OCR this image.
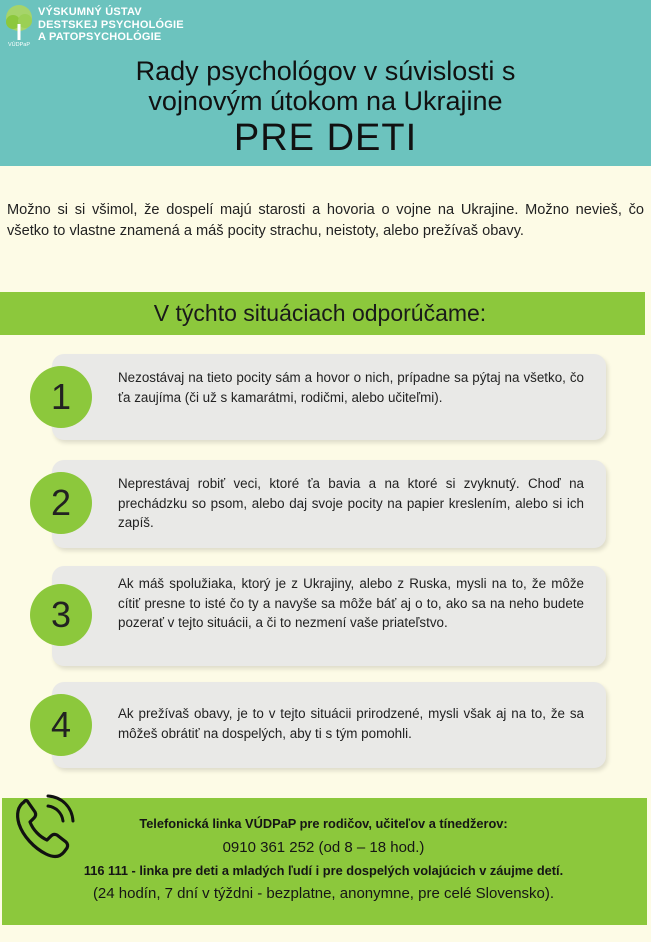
VÚDPaP
VÝSKUMNÝ ÚSTAV
DESTSKEJ PSYCHOLÓGIE
A PATOPSYCHOLÓGIE
Rady psychológov v súvislosti s
vojnovým útokom na Ukrajine
PRE DETI
Možno si si všimol, že dospelí majú starosti a hovoria o vojne na Ukrajine. Možno nevieš, čo všetko to vlastne znamená a máš pocity strachu, neistoty, alebo prežívaš obavy.
V týchto situáciach odporúčame:
Nezostávaj na tieto pocity sám a hovor o nich, prípadne sa pýtaj na všetko, čo ťa zaujíma (či už s kamarátmi, rodičmi, alebo učiteľmi).
1
Neprestávaj robiť veci, ktoré ťa bavia a na ktoré si zvyknutý. Choď na prechádzku so psom, alebo daj svoje pocity na papier kreslením, alebo si ich zapíš.
2
Ak máš spolužiaka, ktorý je z Ukrajiny, alebo z Ruska, mysli na to, že môže cítiť presne to isté čo ty a navyše sa môže báť aj o to, ako sa na neho budete pozerať v tejto situácii, a či to nezmení vaše priateľstvo.
3
Ak prežívaš obavy, je to v tejto situácii prirodzené, mysli však aj na to, že sa môžeš obrátiť na dospelých, aby ti s tým pomohli.
4
Telefonická linka VÚDPaP pre rodičov, učiteľov a tínedžerov:
0910 361 252 (od 8 – 18 hod.)
116 111 - linka pre deti a mladých ľudí i pre dospelých volajúcich v záujme detí.
(24 hodín, 7 dní v týždni - bezplatne, anonymne, pre celé Slovensko).
